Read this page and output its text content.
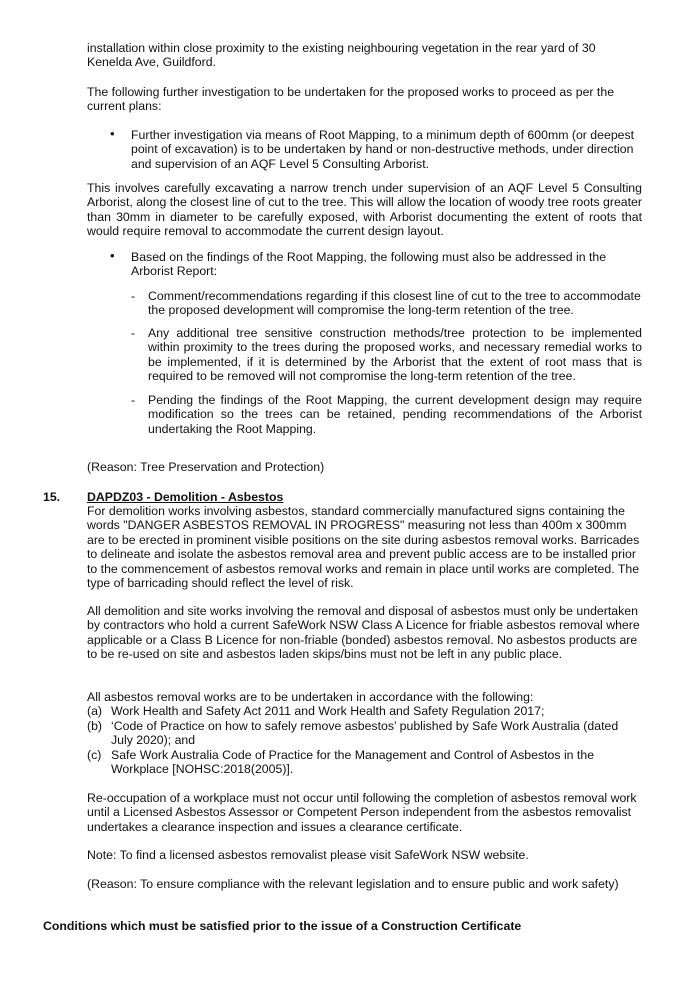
installation within close proximity to the existing neighbouring vegetation in the rear yard of 30 Kenelda Ave, Guildford.

The following further investigation to be undertaken for the proposed works to proceed as per the current plans:

•	Further investigation via means of Root Mapping, to a minimum depth of 600mm (or deepest point of excavation) is to be undertaken by hand or non-destructive methods, under direction and supervision of an AQF Level 5 Consulting Arborist.

This involves carefully excavating a narrow trench under supervision of an AQF Level 5 Consulting Arborist, along the closest line of cut to the tree. This will allow the location of woody tree roots greater than 30mm in diameter to be carefully exposed, with Arborist documenting the extent of roots that would require removal to accommodate the current design layout.

•	Based on the findings of the Root Mapping, the following must also be addressed in the Arborist Report:

-	Comment/recommendations regarding if this closest line of cut to the tree to accommodate the proposed development will compromise the long-term retention of the tree.

-	Any additional tree sensitive construction methods/tree protection to be implemented within proximity to the trees during the proposed works, and necessary remedial works to be implemented, if it is determined by the Arborist that the extent of root mass that is required to be removed will not compromise the long-term retention of the tree.

-	Pending the findings of the Root Mapping, the current development design may require modification so the trees can be retained, pending recommendations of the Arborist undertaking the Root Mapping.

(Reason: Tree Preservation and Protection)

15. DAPDZ03 - Demolition - Asbestos

For demolition works involving asbestos, standard commercially manufactured signs containing the words "DANGER ASBESTOS REMOVAL IN PROGRESS" measuring not less than 400m x 300mm are to be erected in prominent visible positions on the site during asbestos removal works. Barricades to delineate and isolate the asbestos removal area and prevent public access are to be installed prior to the commencement of asbestos removal works and remain in place until works are completed. The type of barricading should reflect the level of risk.

All demolition and site works involving the removal and disposal of asbestos must only be undertaken by contractors who hold a current SafeWork NSW Class A Licence for friable asbestos removal where applicable or a Class B Licence for non-friable (bonded) asbestos removal. No asbestos products are to be re-used on site and asbestos laden skips/bins must not be left in any public place.

All asbestos removal works are to be undertaken in accordance with the following:

(a) Work Health and Safety Act 2011 and Work Health and Safety Regulation 2017;

(b) ‘Code of Practice on how to safely remove asbestos’ published by Safe Work Australia (dated July 2020); and

(c) Safe Work Australia Code of Practice for the Management and Control of Asbestos in the Workplace [NOHSC:2018(2005)].

Re-occupation of a workplace must not occur until following the completion of asbestos removal work until a Licensed Asbestos Assessor or Competent Person independent from the asbestos removalist undertakes a clearance inspection and issues a clearance certificate.

Note: To find a licensed asbestos removalist please visit SafeWork NSW website.

(Reason: To ensure compliance with the relevant legislation and to ensure public and work safety)

Conditions which must be satisfied prior to the issue of a Construction Certificate
